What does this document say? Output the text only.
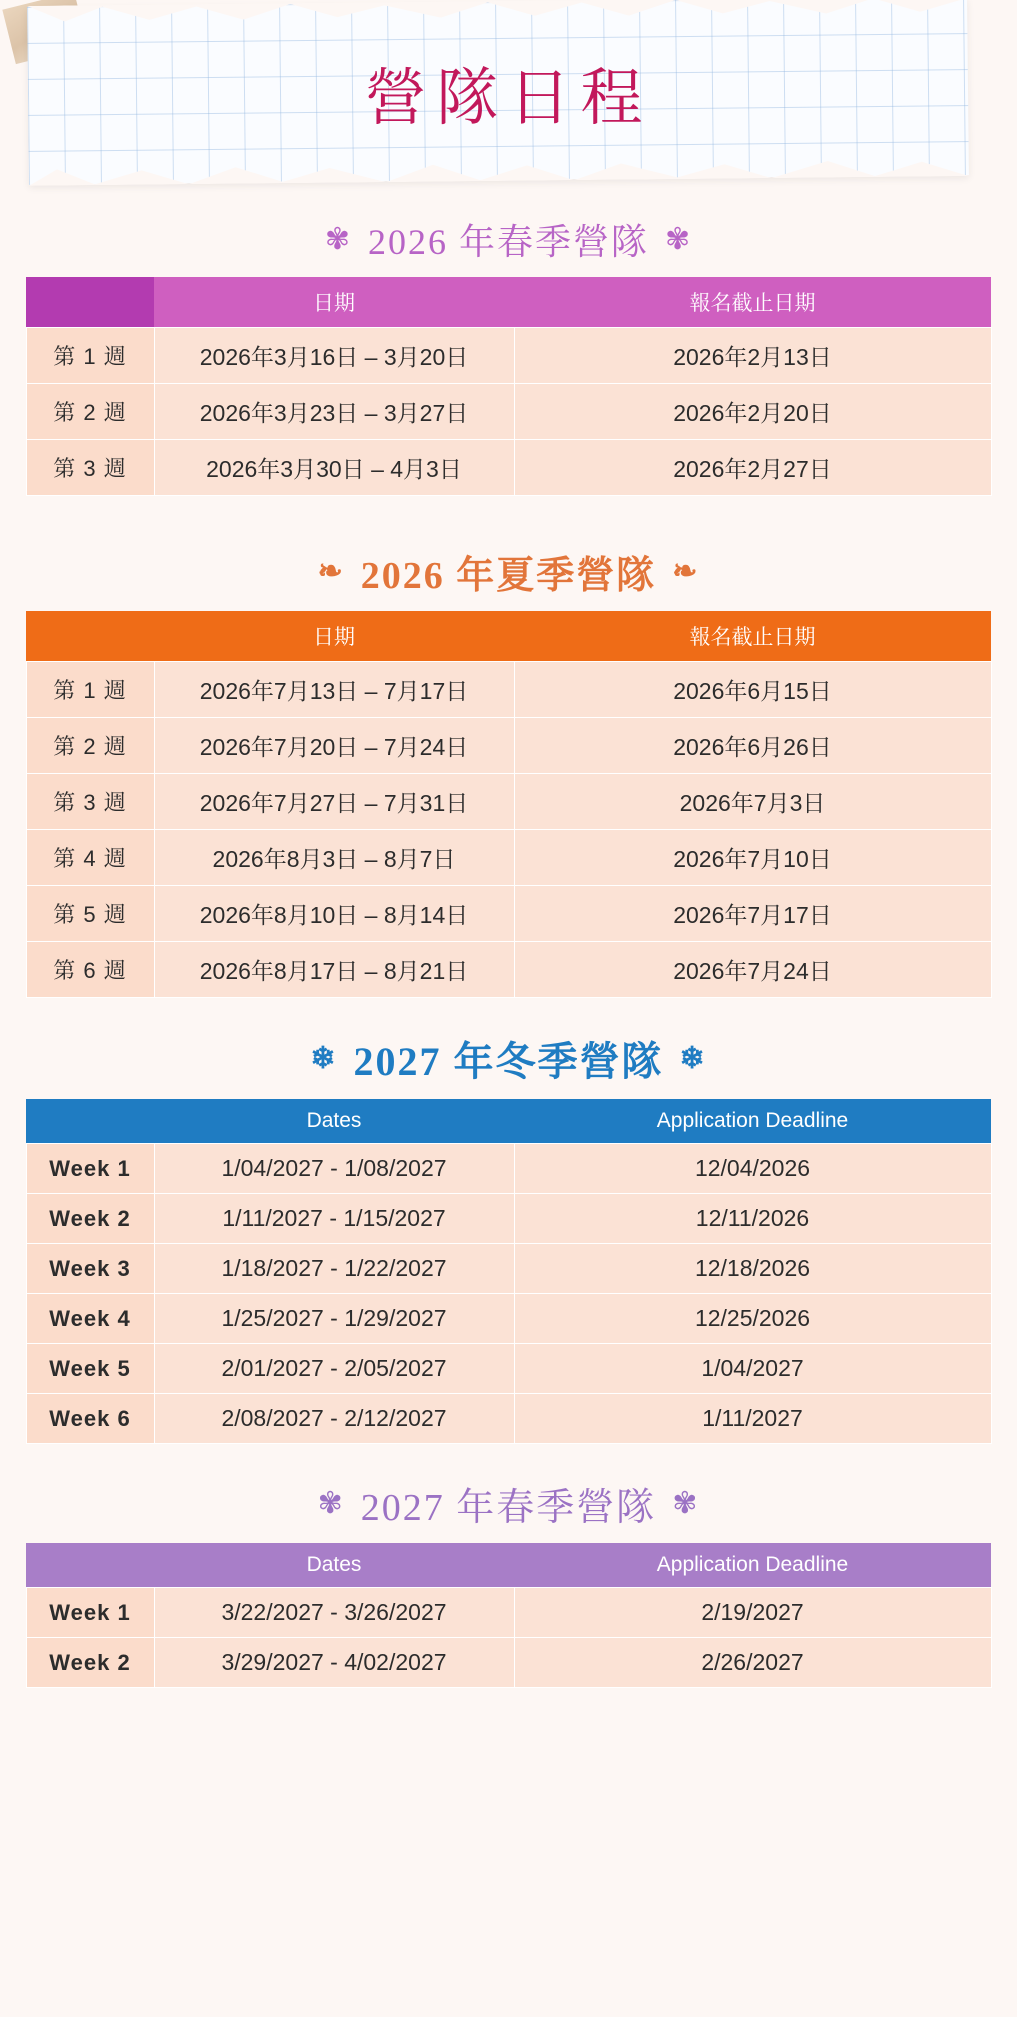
營隊日程
✾ 2026 年春季營隊 ✾
	日期	報名截止日期
第 1 週	2026年3月16日 – 3月20日	2026年2月13日
第 2 週	2026年3月23日 – 3月27日	2026年2月20日
第 3 週	2026年3月30日 – 4月3日	2026年2月27日
❧ 2026 年夏季營隊 ❧
	日期	報名截止日期
第 1 週	2026年7月13日 – 7月17日	2026年6月15日
第 2 週	2026年7月20日 – 7月24日	2026年6月26日
第 3 週	2026年7月27日 – 7月31日	2026年7月3日
第 4 週	2026年8月3日 – 8月7日	2026年7月10日
第 5 週	2026年8月10日 – 8月14日	2026年7月17日
第 6 週	2026年8月17日 – 8月21日	2026年7月24日
❄ 2027 年冬季營隊 ❄
	Dates	Application Deadline
Week 1	1/04/2027 - 1/08/2027	12/04/2026
Week 2	1/11/2027 - 1/15/2027	12/11/2026
Week 3	1/18/2027 - 1/22/2027	12/18/2026
Week 4	1/25/2027 - 1/29/2027	12/25/2026
Week 5	2/01/2027 - 2/05/2027	1/04/2027
Week 6	2/08/2027 - 2/12/2027	1/11/2027
✾ 2027 年春季營隊 ✾
	Dates	Application Deadline
Week 1	3/22/2027 - 3/26/2027	2/19/2027
Week 2	3/29/2027 - 4/02/2027	2/26/2027
